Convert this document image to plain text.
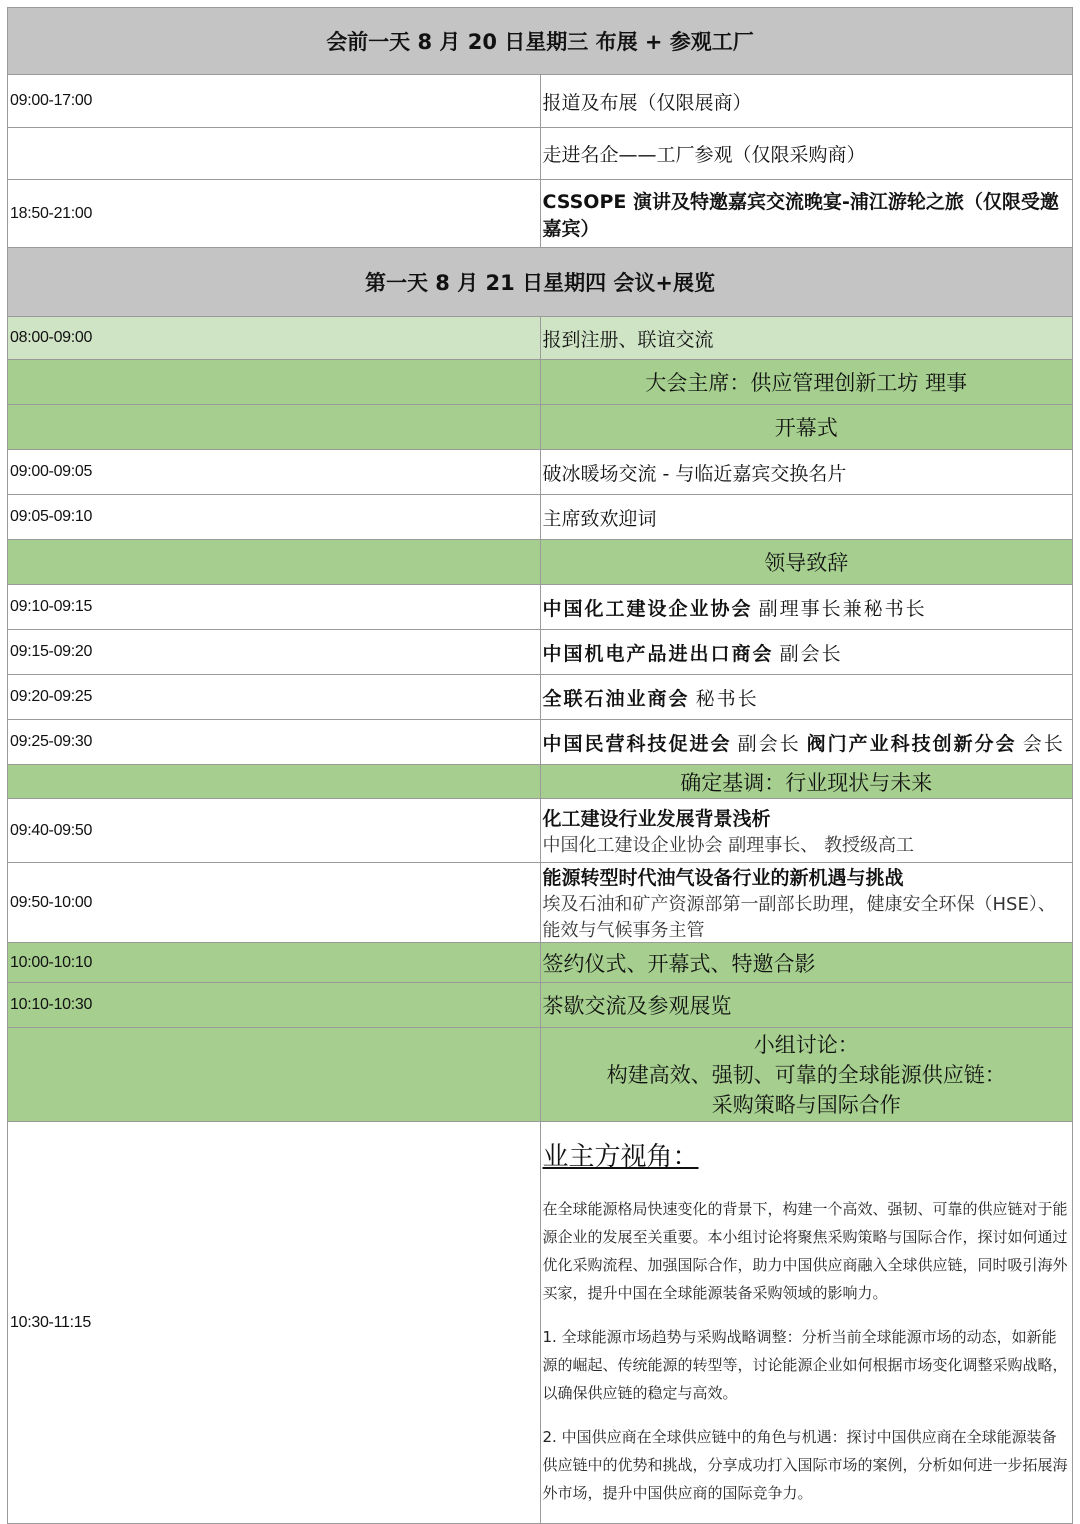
会前一天 8 月 20 日星期三 布展 + 参观工厂	
09:00-17:00	报道及布展（仅限展商）
	走进名企——工厂参观（仅限采购商）
18:50-21:00	CSSOPE 演讲及特邀嘉宾交流晚宴-浦江游轮之旅（仅限受邀嘉宾）
第一天 8 月 21 日星期四 会议+展览	
08:00-09:00	报到注册、联谊交流
	大会主席：供应管理创新工坊 理事
	开幕式
09:00-09:05	破冰暖场交流 - 与临近嘉宾交换名片
09:05-09:10	主席致欢迎词
	领导致辞
09:10-09:15	中国化工建设企业协会 副理事长兼秘书长
09:15-09:20	中国机电产品进出口商会 副会长
09:20-09:25	全联石油业商会 秘书长
09:25-09:30	中国民营科技促进会 副会长 阀门产业科技创新分会 会长
	确定基调：行业现状与未来
09:40-09:50	化工建设行业发展背景浅析
中国化工建设企业协会 副理事长、 教授级高工

09:50-10:00	能源转型时代油气设备行业的新机遇与挑战
埃及石油和矿产资源部第一副部长助理，健康安全环保（HSE）、能效与气候事务主管

10:00-10:10	签约仪式、开幕式、特邀合影
10:10-10:30	茶歇交流及参观展览

	小组讨论：
构建高效、强韧、可靠的全球能源供应链：
采购策略与国际合作

10:30-11:15	业主方视角：

在全球能源格局快速变化的背景下，构建一个高效、强韧、可靠的供应链对于能源企业的发展至关重要。本小组讨论将聚焦采购策略与国际合作，探讨如何通过优化采购流程、加强国际合作，助力中国供应商融入全球供应链，同时吸引海外买家，提升中国在全球能源装备采购领域的影响力。

1. 全球能源市场趋势与采购战略调整：分析当前全球能源市场的动态，如新能源的崛起、传统能源的转型等，讨论能源企业如何根据市场变化调整采购战略，以确保供应链的稳定与高效。

2. 中国供应商在全球供应链中的角色与机遇：探讨中国供应商在全球能源装备供应链中的优势和挑战，分享成功打入国际市场的案例，分析如何进一步拓展海外市场，提升中国供应商的国际竞争力。
